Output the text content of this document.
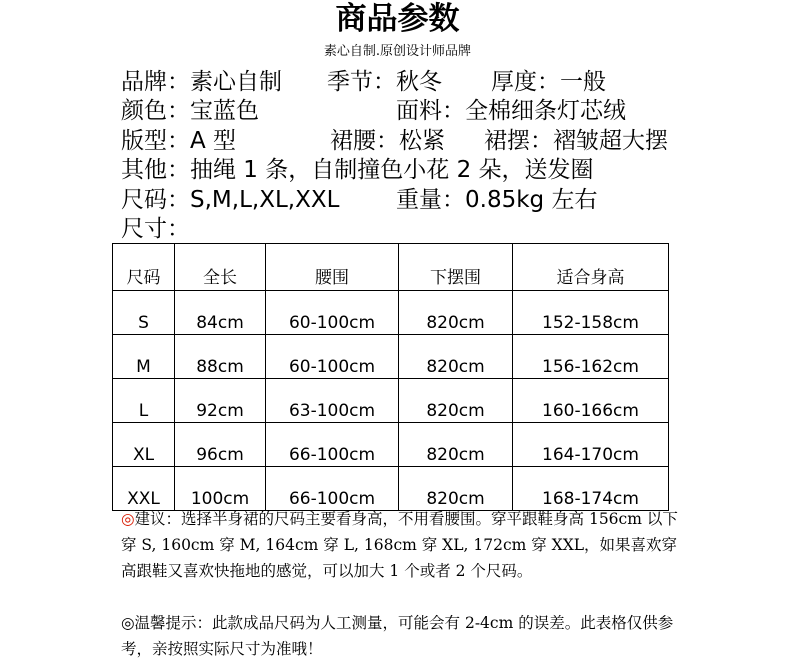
商品参数
素心自制.原创设计师品牌
品牌：素心自制 季节：秋冬 厚度：一般
颜色：宝蓝色	面料：全棉细条灯芯绒
版型：A 型	裙腰：松紧 裙摆：褶皱超大摆
其他：抽绳 1 条，自制撞色小花 2 朵，送发圈
尺码：S,M,L,XL,XXL 重量：0.85kg 左右
尺寸：
尺码	全长	腰围	下摆围	适合身高
S	84cm	60-100cm	820cm	152-158cm
M	88cm	60-100cm	820cm	156-162cm
L	92cm	63-100cm	820cm	160-166cm
XL	96cm	66-100cm	820cm	164-170cm
XXL	100cm	66-100cm	820cm	168-174cm
◎建议：选择半身裙的尺码主要看身高，不用看腰围。穿平跟鞋身高 156cm 以下穿 S, 160cm 穿 M, 164cm 穿 L, 168cm 穿 XL, 172cm 穿 XXL，如果喜欢穿高跟鞋又喜欢快拖地的感觉，可以加大 1 个或者 2 个尺码。
◎温馨提示：此款成品尺码为人工测量，可能会有 2-4cm 的误差。此表格仅供参考，亲按照实际尺寸为准哦！
